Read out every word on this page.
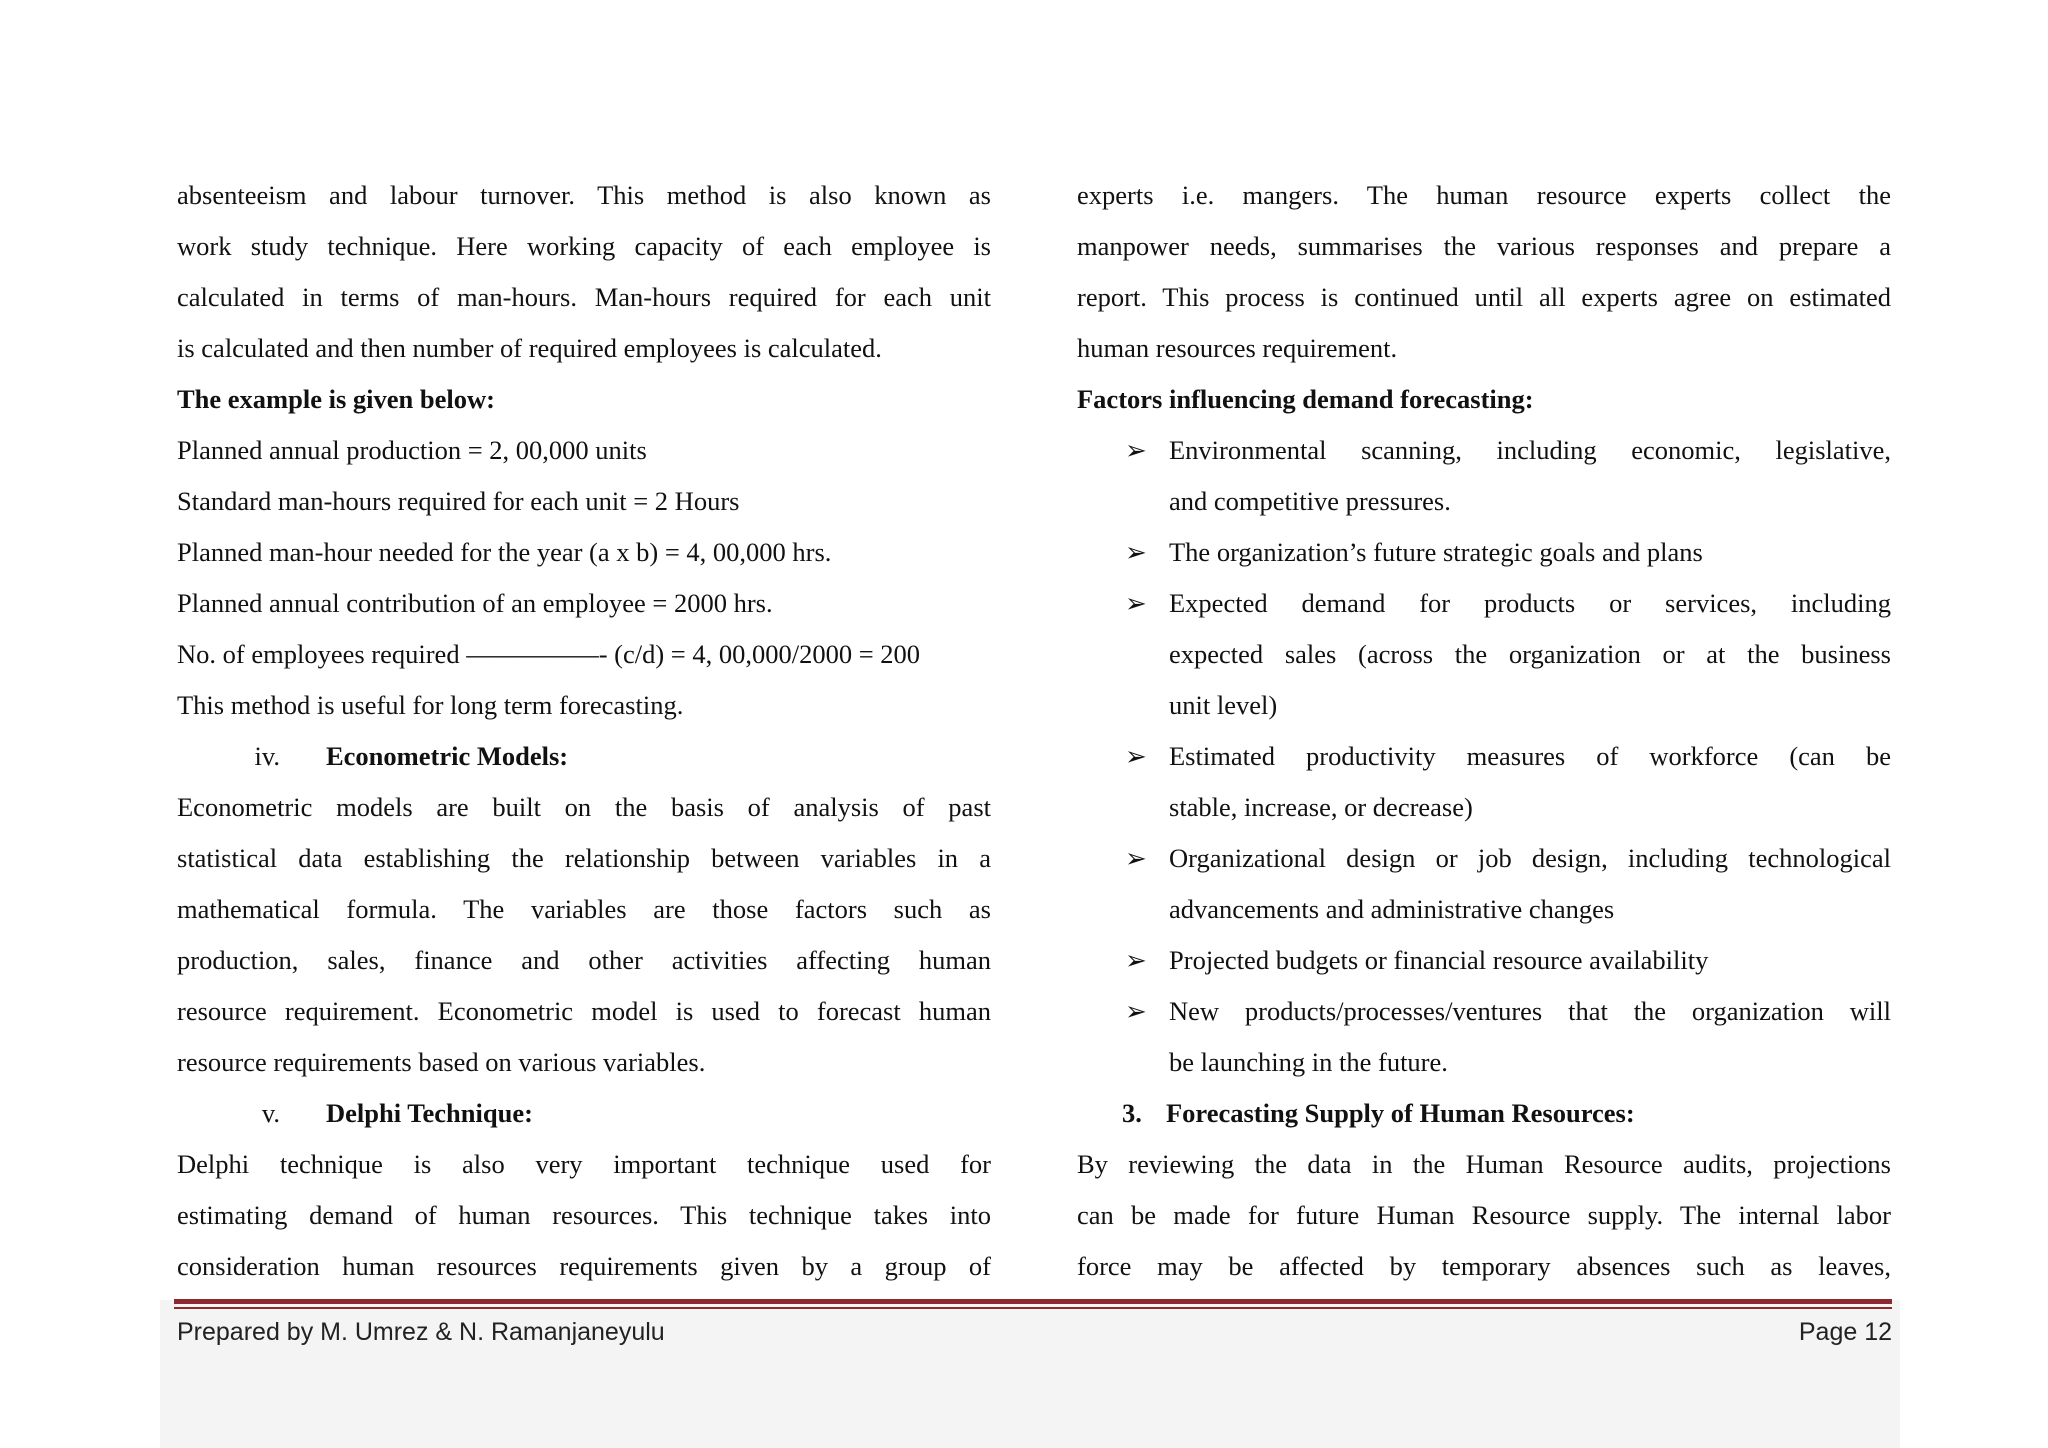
absenteeism and labour turnover. This method is also known as
work study technique. Here working capacity of each employee is
calculated in terms of man-hours. Man-hours required for each unit
is calculated and then number of required employees is calculated.
The example is given below:
Planned annual production = 2, 00,000 units
Standard man-hours required for each unit = 2 Hours
Planned man-hour needed for the year (a x b) = 4, 00,000 hrs.
Planned annual contribution of an employee = 2000 hrs.
No. of employees required —————- (c/d) = 4, 00,000/2000 = 200
This method is useful for long term forecasting.
iv. Econometric Models:
Econometric models are built on the basis of analysis of past
statistical data establishing the relationship between variables in a
mathematical formula. The variables are those factors such as
production, sales, finance and other activities affecting human
resource requirement. Econometric model is used to forecast human
resource requirements based on various variables.
v. Delphi Technique:
Delphi technique is also very important technique used for
estimating demand of human resources. This technique takes into
consideration human resources requirements given by a group of
experts i.e. mangers. The human resource experts collect the
manpower needs, summarises the various responses and prepare a
report. This process is continued until all experts agree on estimated
human resources requirement.
Factors influencing demand forecasting:
➢ Environmental scanning, including economic, legislative,
and competitive pressures.
➢ The organization’s future strategic goals and plans
➢ Expected demand for products or services, including
expected sales (across the organization or at the business
unit level)
➢ Estimated productivity measures of workforce (can be
stable, increase, or decrease)
➢ Organizational design or job design, including technological
advancements and administrative changes
➢ Projected budgets or financial resource availability
➢ New products/processes/ventures that the organization will
be launching in the future.
3. Forecasting Supply of Human Resources:
By reviewing the data in the Human Resource audits, projections
can be made for future Human Resource supply. The internal labor
force may be affected by temporary absences such as leaves,
Prepared by M. Umrez & N. Ramanjaneyulu	Page 12
